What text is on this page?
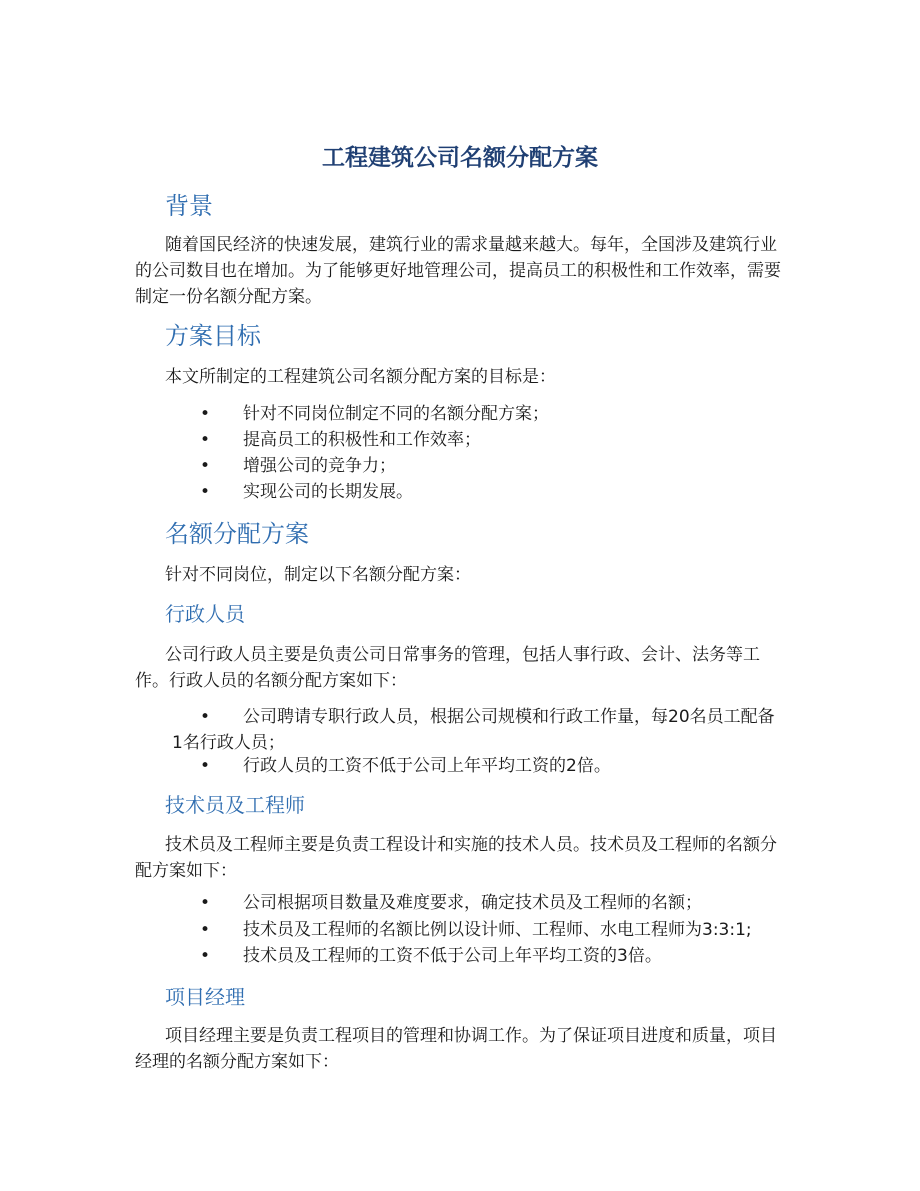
工程建筑公司名额分配方案
背景
随着国民经济的快速发展，建筑行业的需求量越来越大。每年，全国涉及建筑行业的公司数目也在增加。为了能够更好地管理公司，提高员工的积极性和工作效率，需要制定一份名额分配方案。
方案目标
本文所制定的工程建筑公司名额分配方案的目标是：
• 针对不同岗位制定不同的名额分配方案；
• 提高员工的积极性和工作效率；
• 增强公司的竞争力；
• 实现公司的长期发展。
名额分配方案
针对不同岗位，制定以下名额分配方案：
行政人员
公司行政人员主要是负责公司日常事务的管理，包括人事行政、会计、法务等工作。行政人员的名额分配方案如下：
•	公司聘请专职行政人员，根据公司规模和行政工作量，每20名员工配备1名行政人员；
• 行政人员的工资不低于公司上年平均工资的2倍。
技术员及工程师
技术员及工程师主要是负责工程设计和实施的技术人员。技术员及工程师的名额分配方案如下：
• 公司根据项目数量及难度要求，确定技术员及工程师的名额；
• 技术员及工程师的名额比例以设计师、工程师、水电工程师为3:3:1;
• 技术员及工程师的工资不低于公司上年平均工资的3倍。
项目经理
项目经理主要是负责工程项目的管理和协调工作。为了保证项目进度和质量，项目经理的名额分配方案如下：
